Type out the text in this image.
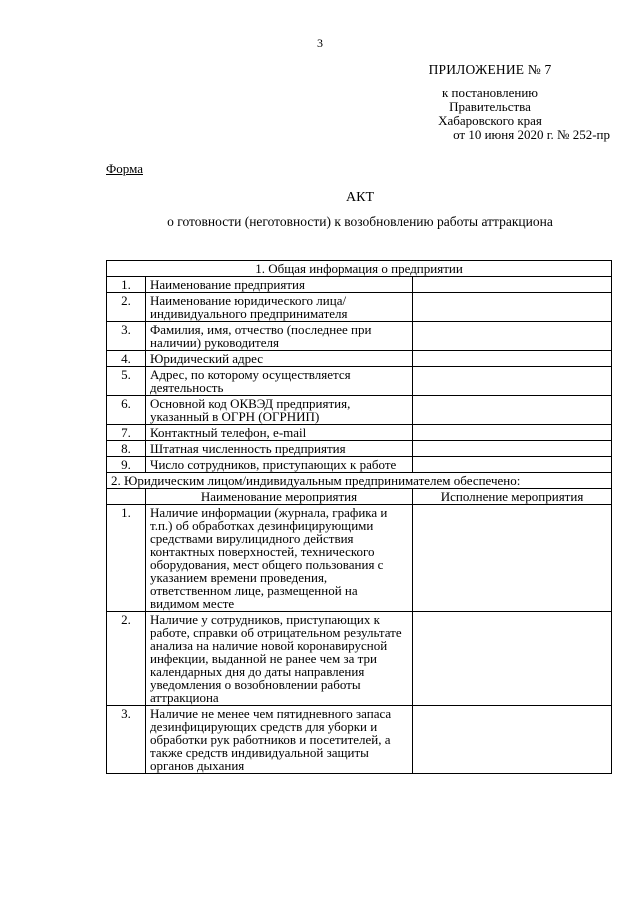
3
ПРИЛОЖЕНИЕ № 7
к постановлению
Правительства
Хабаровского края
от 10 июня 2020 г. № 252-пр
Форма
АКТ
о готовности (неготовности) к возобновлению работы аттракциона
1. Общая информация о предприятии		
1.	Наименование предприятия	
2.	Наименование юридического лица/ индивидуального предпринимателя	
3.	Фамилия, имя, отчество (последнее при наличии) руководителя	
4.	Юридический адрес	
5.	Адрес, по которому осуществляется деятельность	
6.	Основной код ОКВЭД предприятия, указанный в ОГРН (ОГРНИП)	
7.	Контактный телефон, e-mail	
8.	Штатная численность предприятия	
9.	Число сотрудников, приступающих к работе	
2. Юридическим лицом/индивидуальным предпринимателем обеспечено:		
	Наименование мероприятия	Исполнение мероприятия
1.	Наличие информации (журнала, графика и т.п.) об обработках дезинфицирующими средствами вирулицидного действия контактных поверхностей, технического оборудования, мест общего пользования с указанием времени проведения, ответственном лице, размещенной на видимом месте	
2.	Наличие у сотрудников, приступающих к работе, справки об отрицательном результате анализа на наличие новой коронавирусной инфекции, выданной не ранее чем за три календарных дня до даты направления уведомления о возобновлении работы аттракциона	
3.	Наличие не менее чем пятидневного запаса дезинфицирующих средств для уборки и обработки рук работников и посетителей, а также средств индивидуальной защиты органов дыхания	
